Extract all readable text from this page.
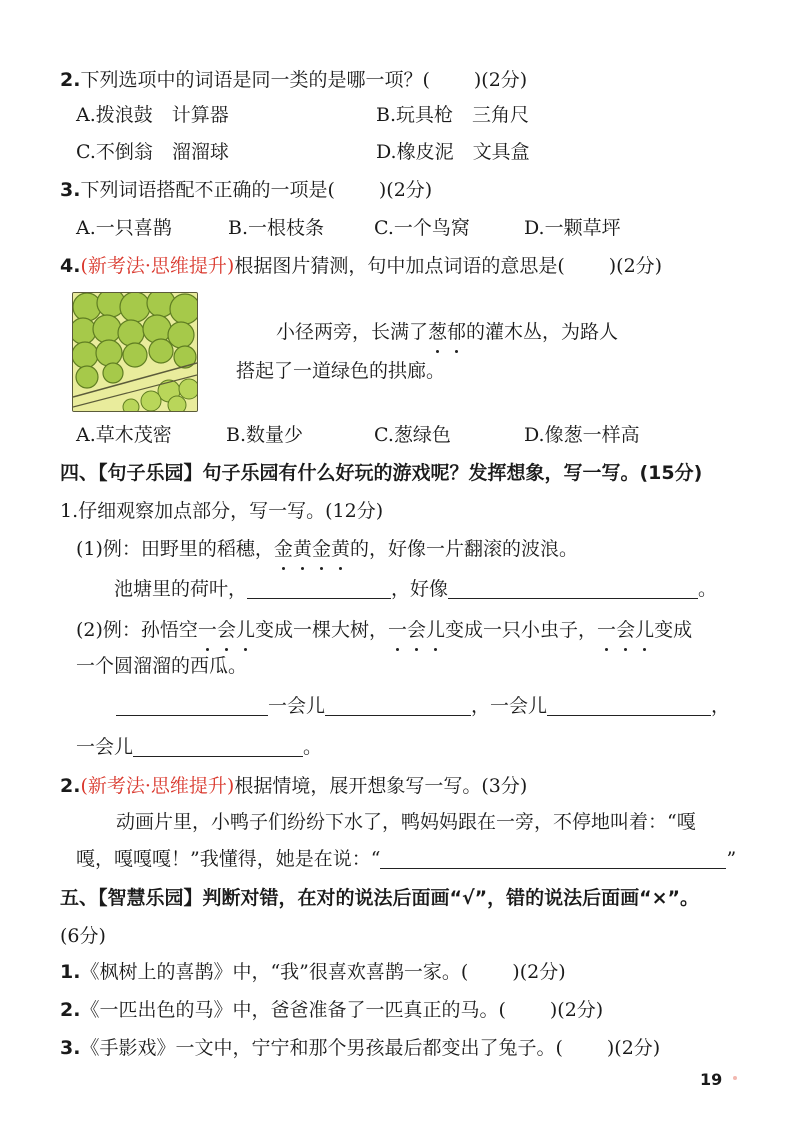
2.下列选项中的词语是同一类的是哪一项？( )(2分)
A.拨浪鼓　计算器	B.玩具枪　三角尺
C.不倒翁　溜溜球	D.橡皮泥　文具盒
3.下列词语搭配不正确的一项是( )(2分)
A.一只喜鹊	B.一根枝条	C.一个鸟窝	D.一颗草坪
4.(新考法·思维提升)根据图片猜测，句中加点词语的意思是( )(2分)
小径两旁，长满了葱郁的灌木丛，为路人
搭起了一道绿色的拱廊。
A.草木茂密	B.数量少	C.葱绿色	D.像葱一样高
四、【句子乐园】句子乐园有什么好玩的游戏呢？发挥想象，写一写。(15分)
1.仔细观察加点部分，写一写。(12分)
(1)例：田野里的稻穗，金黄金黄的，好像一片翻滚的波浪。
池塘里的荷叶，	，好像	。
(2)例：孙悟空一会儿变成一棵大树，一会儿变成一只小虫子，一会儿变成
一个圆溜溜的西瓜。
一会儿	，一会儿	，
一会儿	。
2.(新考法·思维提升)根据情境，展开想象写一写。(3分)
动画片里，小鸭子们纷纷下水了，鸭妈妈跟在一旁，不停地叫着：“嘎
嘎，嘎嘎嘎！”我懂得，她是在说：“	”
五、【智慧乐园】判断对错，在对的说法后面画“√”，错的说法后面画“×”。
(6分)
1.《枫树上的喜鹊》中，“我”很喜欢喜鹊一家。( )(2分)
2.《一匹出色的马》中，爸爸准备了一匹真正的马。( )(2分)
3.《手影戏》一文中，宁宁和那个男孩最后都变出了兔子。( )(2分)
19
